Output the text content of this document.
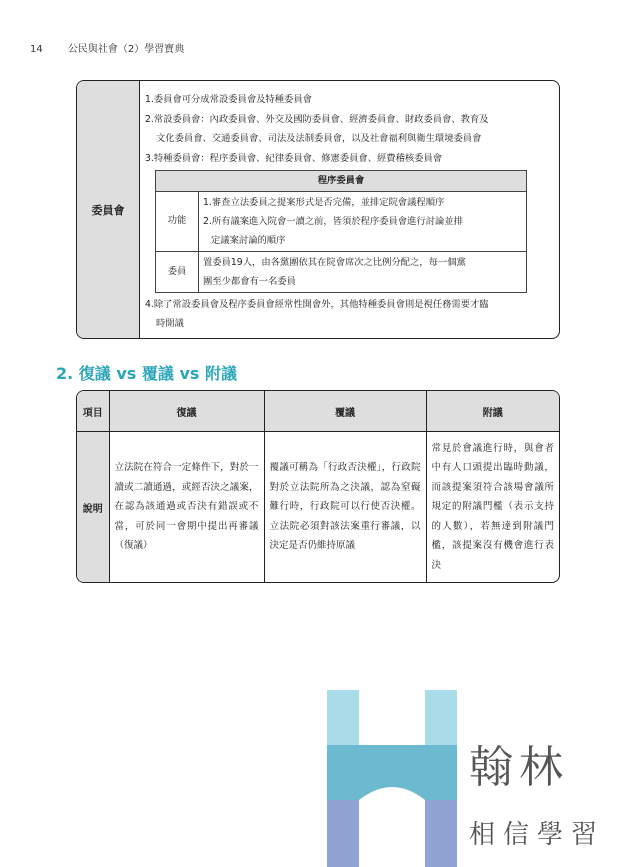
14	公民與社會（2）學習寶典
委員會
1.委員會可分成常設委員會及特種委員會
2.常設委員會：內政委員會、外交及國防委員會、經濟委員會、財政委員會、教育及
文化委員會、交通委員會、司法及法制委員會，以及社會福利與衛生環境委員會
3.特種委員會：程序委員會、紀律委員會、修憲委員會、經費稽核委員會
程序委員會	
功能	1.審查立法委員之提案形式是否完備，並排定院會議程順序
2.所有議案進入院會一讀之前，皆須於程序委員會進行討論並排
定議案討論的順序

委員	置委員19人，由各黨團依其在院會席次之比例分配之，每一個黨
團至少都會有一名委員
4.除了常設委員會及程序委員會經常性開會外，其他特種委員會則是視任務需要才臨
時開議
2. 復議 vs 覆議 vs 附議
項目	復議	覆議	附議
說明	立法院在符合一定條件下，對於一讀或二讀通過，或經否決之議案，在認為該通過或否決有錯誤或不當，可於同一會期中提出再審議（復議）	覆議可稱為「行政否決權」，行政院對於立法院所為之決議，認為窒礙難行時，行政院可以行使否決權。立法院必須對該法案重行審議，以決定是否仍維持原議	常見於會議進行時，與會者中有人口頭提出臨時動議，而該提案須符合該場會議所規定的附議門檻（表示支持的人數），若無達到附議門檻，該提案沒有機會進行表決
翰林
相信學習
